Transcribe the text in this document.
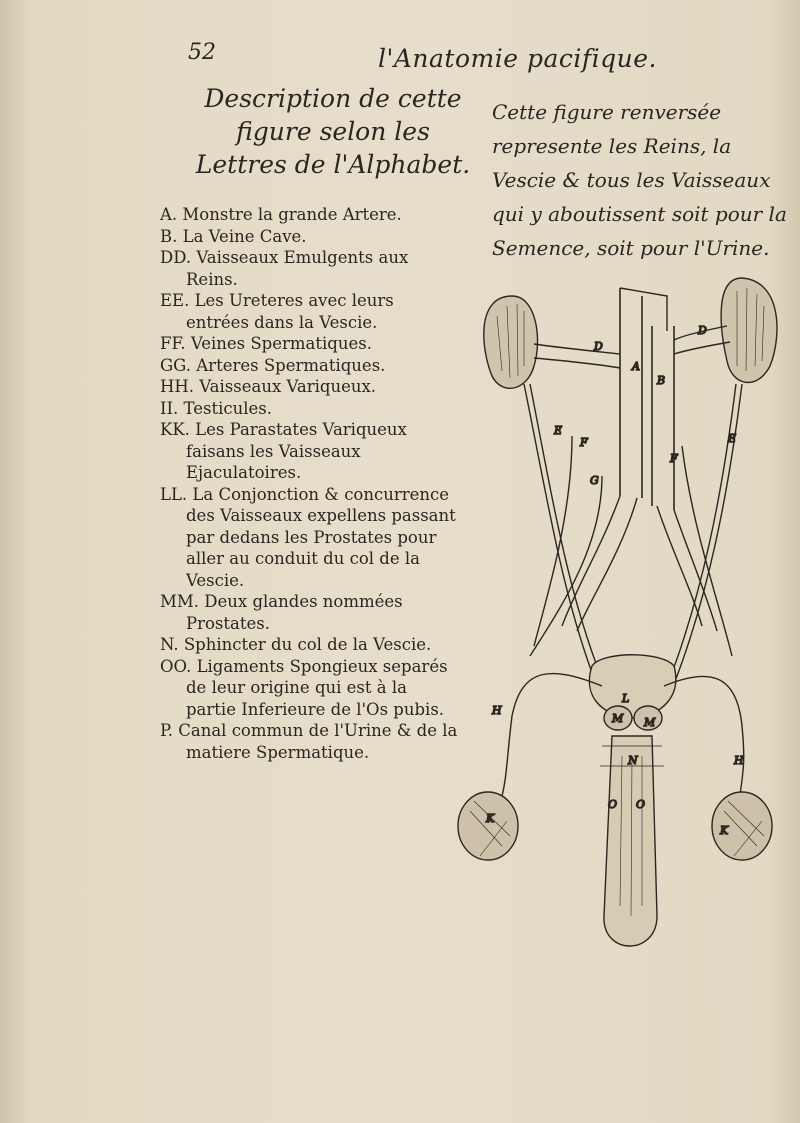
52	l'Anatomie pacifique.
Description de cette figure selon les Lettres de l'Alphabet.
Cette figure renversée represente les Reins, la Vescie & tous les Vaisseaux qui y aboutissent soit pour la Semence, soit pour l'Urine.
A. Monstre la grande Artere.
B. La Veine Cave.
DD. Vaisseaux Emulgents aux Reins.
EE. Les Ureteres avec leurs entrées dans la Vescie.
FF. Veines Spermatiques.
GG. Arteres Spermatiques.
HH. Vaisseaux Variqueux.
II. Testicules.
KK. Les Parastates Variqueux faisans les Vaisseaux Ejaculatoires.
LL. La Conjonction & concurrence des Vaisseaux expellens passant par dedans les Prostates pour aller au conduit du col de la Vescie.
MM. Deux glandes nommées Prostates.
N. Sphincter du col de la Vescie.
OO. Ligaments Spongieux separés de leur origine qui est à la partie Inferieure de l'Os pubis.
P. Canal commun de l'Urine & de la matiere Spermatique.
D
D
A
B
E
E
F
F
G
H
H
K
K
L
M M
N
O O
